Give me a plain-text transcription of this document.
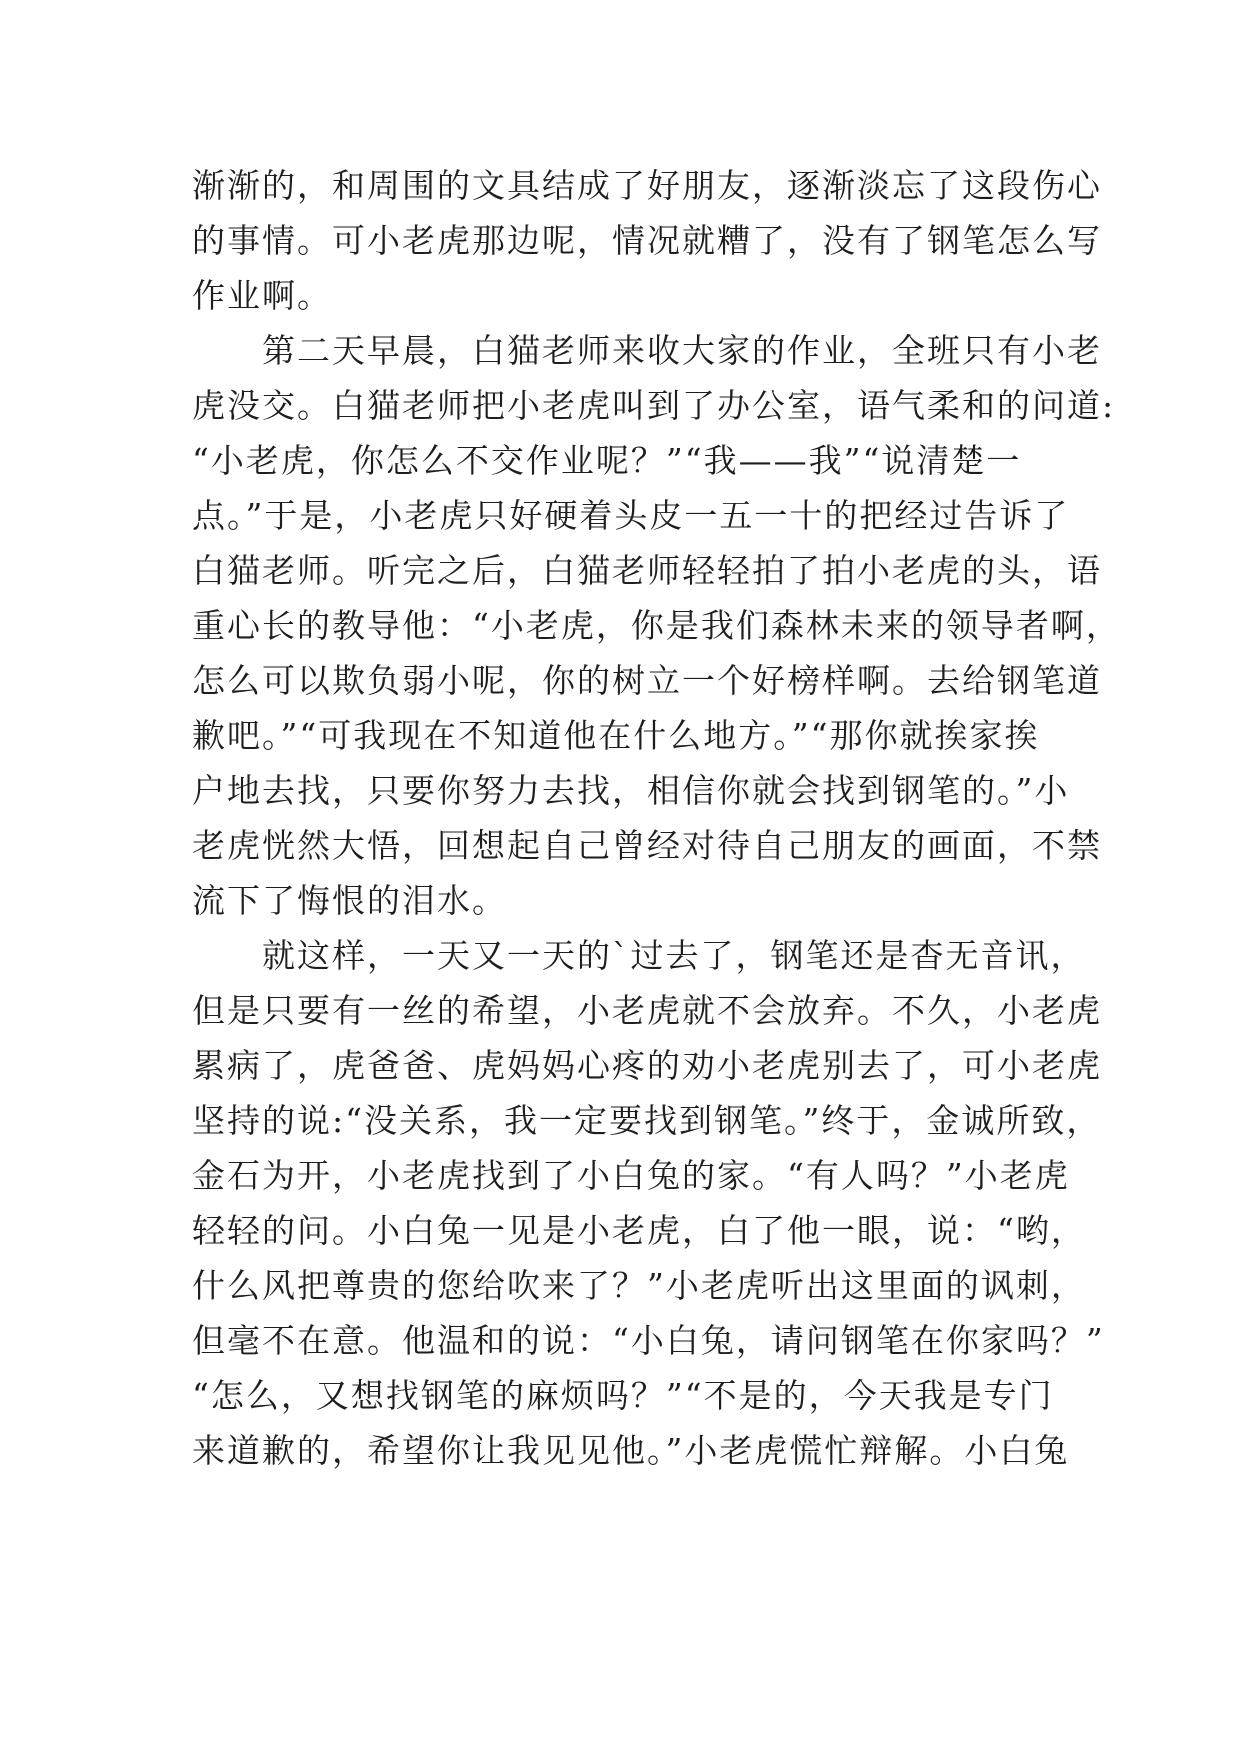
渐渐的，和周围的文具结成了好朋友，逐渐淡忘了这段伤心
的事情。可小老虎那边呢，情况就糟了，没有了钢笔怎么写
作业啊。
　　第二天早晨，白猫老师来收大家的作业，全班只有小老
虎没交。白猫老师把小老虎叫到了办公室，语气柔和的问道:
“小老虎，你怎么不交作业呢？”“我——我”“说清楚一
点。”于是，小老虎只好硬着头皮一五一十的把经过告诉了
白猫老师。听完之后，白猫老师轻轻拍了拍小老虎的头，语
重心长的教导他：“小老虎，你是我们森林未来的领导者啊，
怎么可以欺负弱小呢，你的树立一个好榜样啊。去给钢笔道
歉吧。”“可我现在不知道他在什么地方。”“那你就挨家挨
户地去找，只要你努力去找，相信你就会找到钢笔的。”小
老虎恍然大悟，回想起自己曾经对待自己朋友的画面，不禁
流下了悔恨的泪水。
　　就这样，一天又一天的`过去了，钢笔还是杳无音讯，
但是只要有一丝的希望，小老虎就不会放弃。不久，小老虎
累病了，虎爸爸、虎妈妈心疼的劝小老虎别去了，可小老虎
坚持的说:“没关系，我一定要找到钢笔。”终于，金诚所致，
金石为开，小老虎找到了小白兔的家。“有人吗？”小老虎
轻轻的问。小白兔一见是小老虎，白了他一眼，说：“哟，
什么风把尊贵的您给吹来了？”小老虎听出这里面的讽刺，
但毫不在意。他温和的说：“小白兔，请问钢笔在你家吗？”
“怎么，又想找钢笔的麻烦吗？”“不是的，今天我是专门
来道歉的，希望你让我见见他。”小老虎慌忙辩解。小白兔
